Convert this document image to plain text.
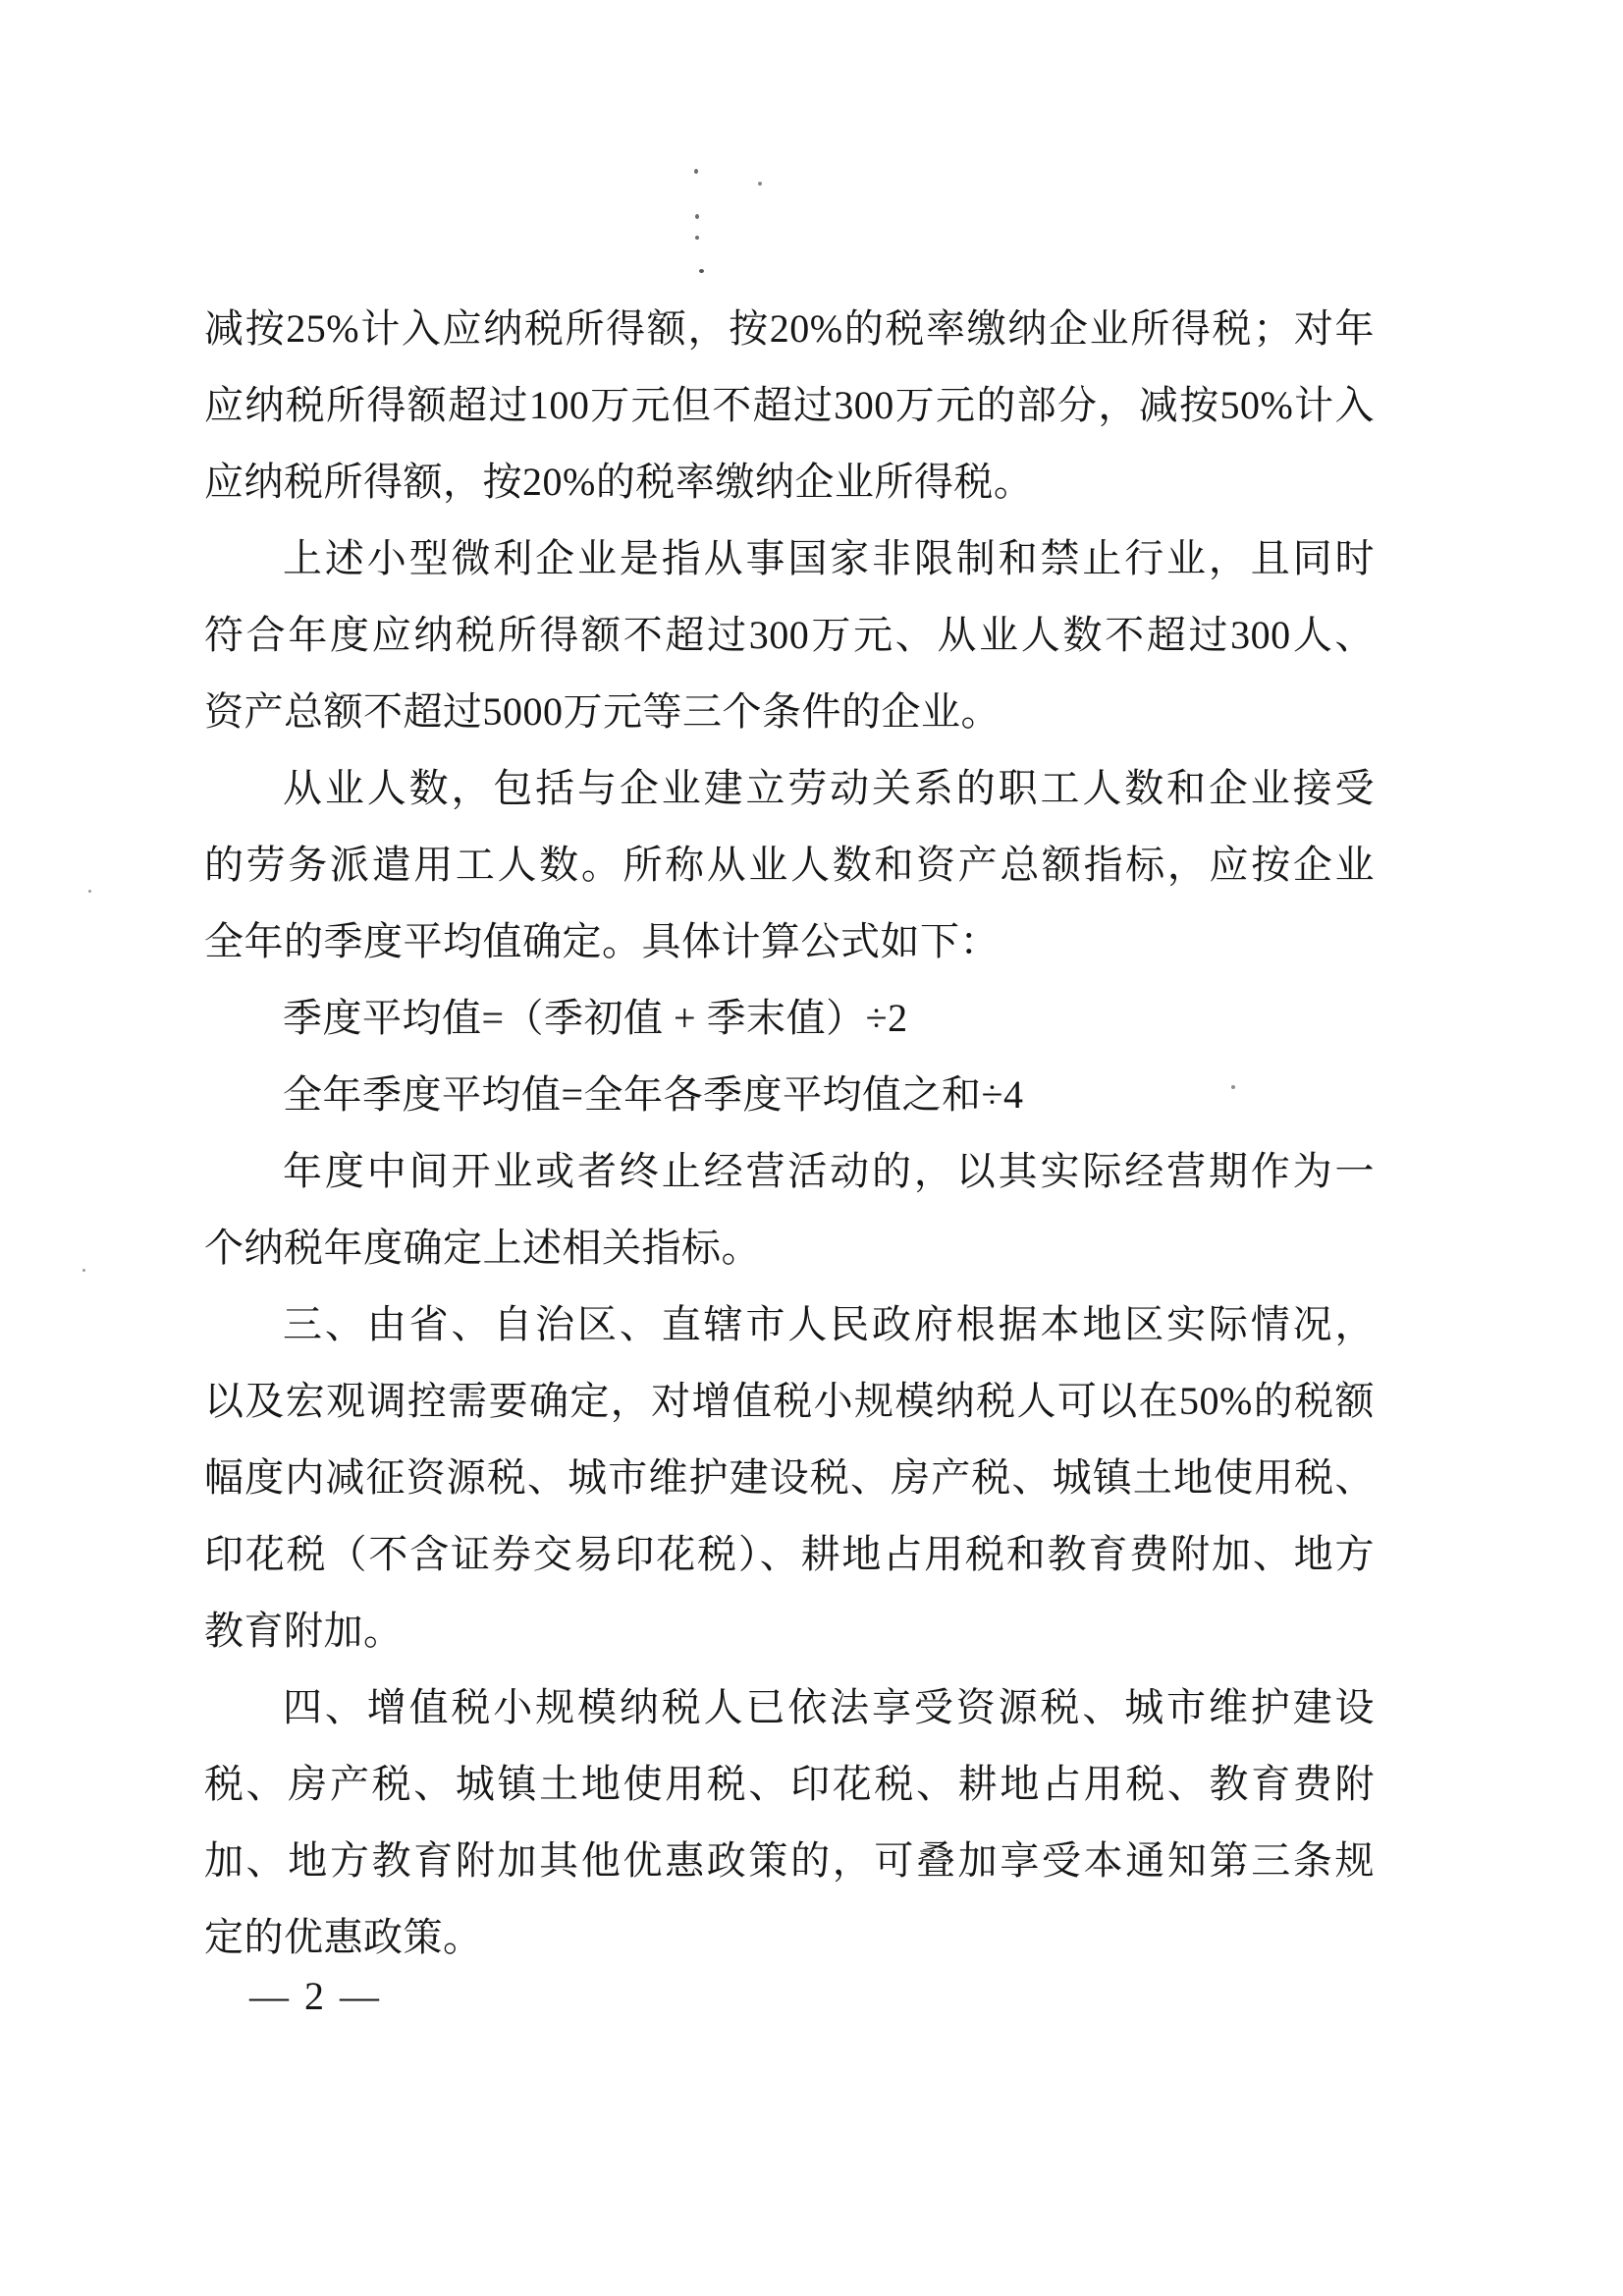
减按25%计入应纳税所得额，按20%的税率缴纳企业所得税；对年
应纳税所得额超过100万元但不超过300万元的部分，减按50%计入
应纳税所得额，按20%的税率缴纳企业所得税。
上述小型微利企业是指从事国家非限制和禁止行业，且同时
符合年度应纳税所得额不超过300万元、从业人数不超过300人、
资产总额不超过5000万元等三个条件的企业。
从业人数，包括与企业建立劳动关系的职工人数和企业接受
的劳务派遣用工人数。所称从业人数和资产总额指标，应按企业
全年的季度平均值确定。具体计算公式如下：
季度平均值=（季初值 + 季末值）÷2
全年季度平均值=全年各季度平均值之和÷4
年度中间开业或者终止经营活动的，以其实际经营期作为一
个纳税年度确定上述相关指标。
三、由省、自治区、直辖市人民政府根据本地区实际情况，
以及宏观调控需要确定，对增值税小规模纳税人可以在50%的税额
幅度内减征资源税、城市维护建设税、房产税、城镇土地使用税、
印花税（不含证券交易印花税）、耕地占用税和教育费附加、地方
教育附加。
四、增值税小规模纳税人已依法享受资源税、城市维护建设
税、房产税、城镇土地使用税、印花税、耕地占用税、教育费附
加、地方教育附加其他优惠政策的，可叠加享受本通知第三条规
定的优惠政策。
— 2 —
